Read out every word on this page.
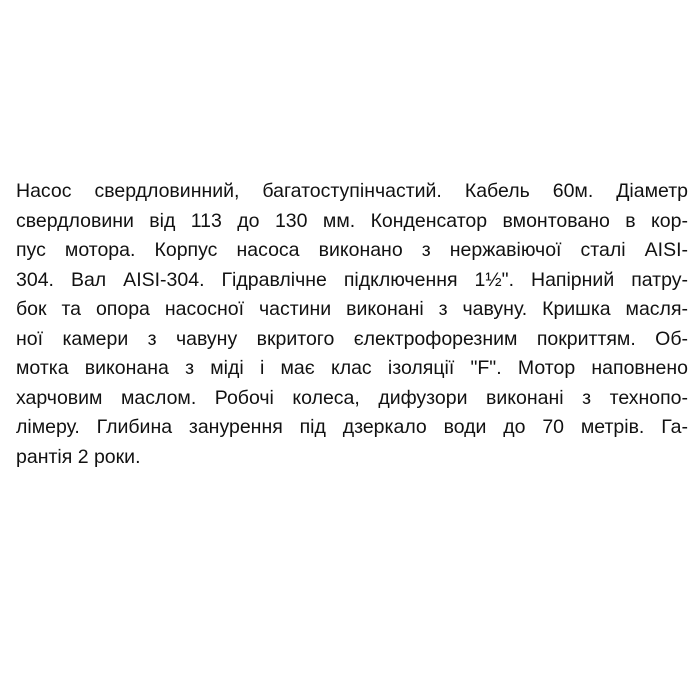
Насос свердловинний, багатоступінчастий. Кабель 60м. Діаметр
свердловини від 113 до 130 мм. Конденсатор вмонтовано в кор-
пус мотора. Корпус насоса виконано з нержавіючої сталі AISI-
304. Вал AISI-304. Гідравлічне підключення 1½". Напірний патру-
бок та опора насосної частини виконані з чавуну. Кришка масля-
ної камери з чавуну вкритого єлектрофорезним покриттям. Об-
мотка виконана з міді і має клас ізоляції "F". Мотор наповнено
харчовим маслом. Робочі колеса, дифузори виконані з технопо-
лімеру. Глибина занурення під дзеркало води до 70 метрів. Га-
рантія 2 роки.
